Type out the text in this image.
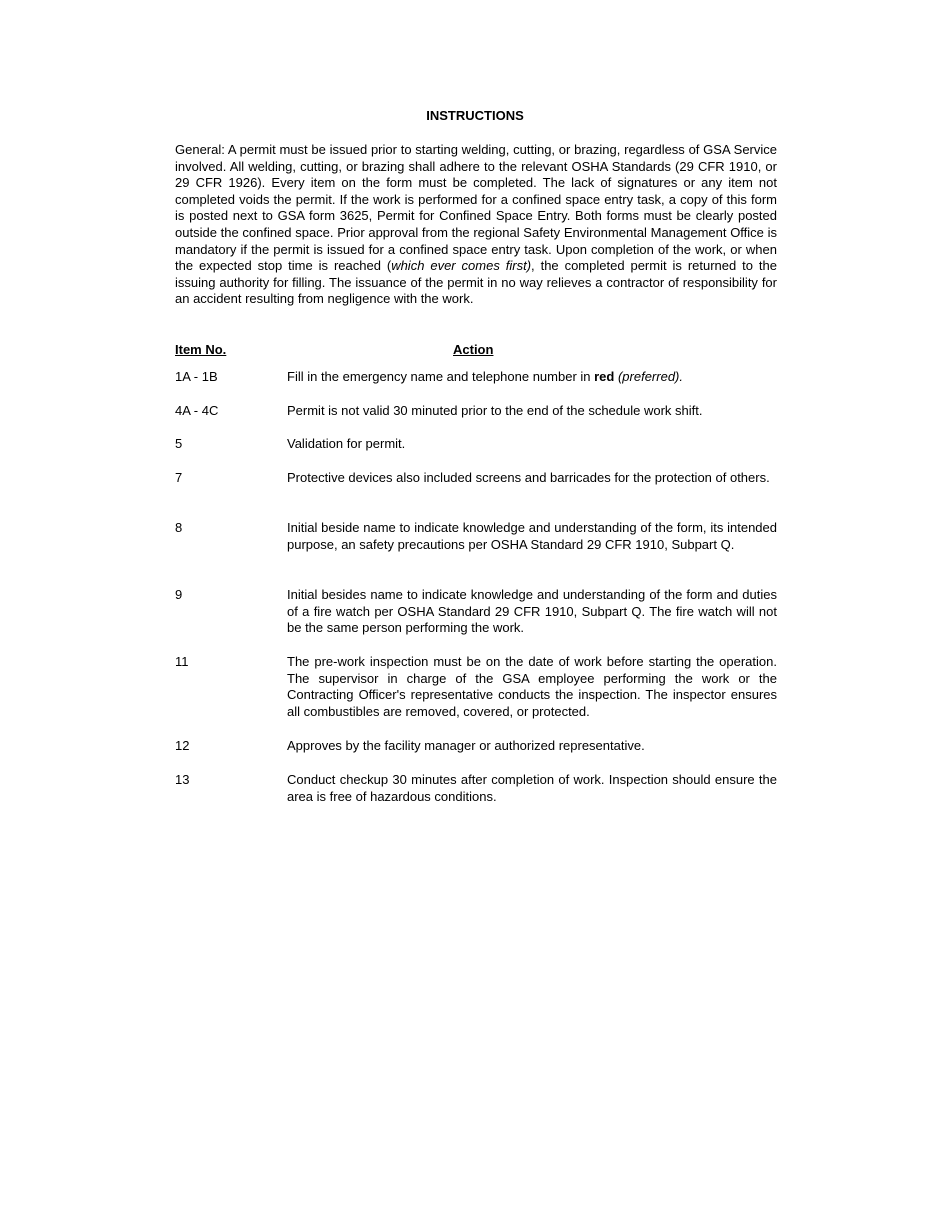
INSTRUCTIONS
General: A permit must be issued prior to starting welding, cutting, or brazing, regardless of GSA Service involved. All welding, cutting, or brazing shall adhere to the relevant OSHA Standards (29 CFR 1910, or 29 CFR 1926). Every item on the form must be completed. The lack of signatures or any item not completed voids the permit. If the work is performed for a confined space entry task, a copy of this form is posted next to GSA form 3625, Permit for Confined Space Entry. Both forms must be clearly posted outside the confined space. Prior approval from the regional Safety Environmental Management Office is mandatory if the permit is issued for a confined space entry task. Upon completion of the work, or when the expected stop time is reached (which ever comes first), the completed permit is returned to the issuing authority for filling. The issuance of the permit in no way relieves a contractor of responsibility for an accident resulting from negligence with the work.
Item No.	Action
1A - 1B	Fill in the emergency name and telephone number in red (preferred).
4A - 4C	Permit is not valid 30 minuted prior to the end of the schedule work shift.
5	Validation for permit.
7	Protective devices also included screens and barricades for the protection of others.
8	Initial beside name to indicate knowledge and understanding of the form, its intended purpose, an safety precautions per OSHA Standard 29 CFR 1910, Subpart Q.
9	Initial besides name to indicate knowledge and understanding of the form and duties of a fire watch per OSHA Standard 29 CFR 1910, Subpart Q. The fire watch will not be the same person performing the work.
11	The pre-work inspection must be on the date of work before starting the operation. The supervisor in charge of the GSA employee performing the work or the Contracting Officer's representative conducts the inspection. The inspector ensures all combustibles are removed, covered, or protected.
12	Approves by the facility manager or authorized representative.
13	Conduct checkup 30 minutes after completion of work. Inspection should ensure the area is free of hazardous conditions.
